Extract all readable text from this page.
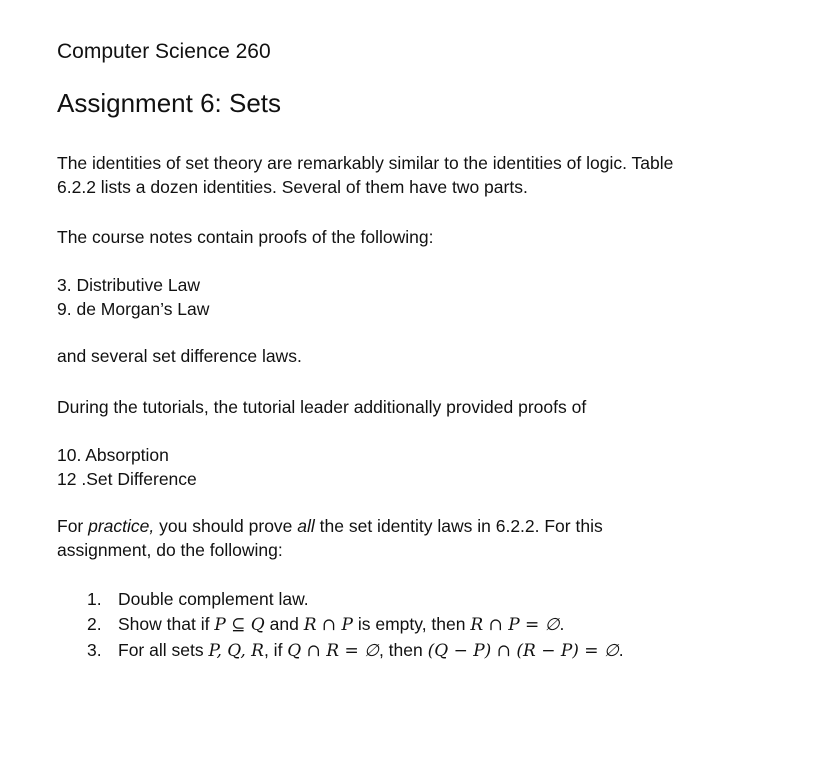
Computer Science 260
Assignment 6: Sets
The identities of set theory are remarkably similar to the identities of logic. Table
6.2.2 lists a dozen identities. Several of them have two parts.
The course notes contain proofs of the following:
3. Distributive Law
9. de Morgan’s Law
and several set difference laws.
During the tutorials, the tutorial leader additionally provided proofs of
10. Absorption
12 .Set Difference
For practice, you should prove all the set identity laws in 6.2.2. For this
assignment, do the following:
1. Double complement law.
2. Show that if P ⊆ Q and R ∩ P is empty, then R ∩ P = ∅.
3. For all sets P, Q, R, if Q ∩ R = ∅, then (Q − P) ∩ (R − P) = ∅.
